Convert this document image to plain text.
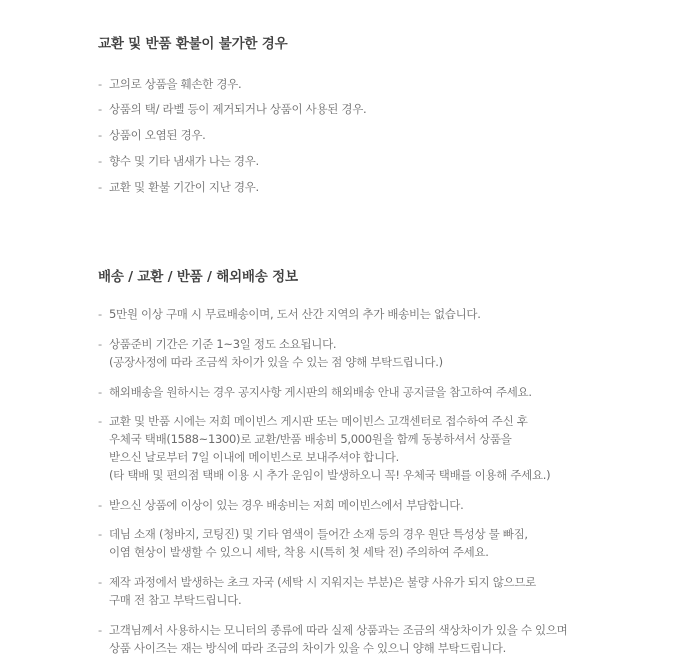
교환 및 반품 환불이 불가한 경우
- 고의로 상품을 훼손한 경우.
- 상품의 택/ 라벨 등이 제거되거나 상품이 사용된 경우.
- 상품이 오염된 경우.
- 향수 및 기타 냄새가 나는 경우.
- 교환 및 환불 기간이 지난 경우.
배송 / 교환 / 반품 / 해외배송 정보
- 5만원 이상 구매 시 무료배송이며, 도서 산간 지역의 추가 배송비는 없습니다.
- 상품준비 기간은 기준 1~3일 정도 소요됩니다.
(공장사정에 따라 조금씩 차이가 있을 수 있는 점 양해 부탁드립니다.)
- 해외배송을 원하시는 경우 공지사항 게시판의 해외배송 안내 공지글을 참고하여 주세요.
- 교환 및 반품 시에는 저희 메이빈스 게시판 또는 메이빈스 고객센터로 접수하여 주신 후
우체국 택배(1588~1300)로 교환/반품 배송비 5,000원을 함께 동봉하셔서 상품을
받으신 날로부터 7일 이내에 메이빈스로 보내주셔야 합니다.
(타 택배 및 편의점 택배 이용 시 추가 운임이 발생하오니 꼭! 우체국 택배를 이용해 주세요.)
- 받으신 상품에 이상이 있는 경우 배송비는 저희 메이빈스에서 부담합니다.
- 데님 소재 (청바지, 코팅진) 및 기타 염색이 들어간 소재 등의 경우 원단 특성상 물 빠짐,
이염 현상이 발생할 수 있으니 세탁, 착용 시(특히 첫 세탁 전) 주의하여 주세요.
- 제작 과정에서 발생하는 초크 자국 (세탁 시 지워지는 부분)은 불량 사유가 되지 않으므로
구매 전 참고 부탁드립니다.
- 고객님께서 사용하시는 모니터의 종류에 따라 실제 상품과는 조금의 색상차이가 있을 수 있으며
상품 사이즈는 재는 방식에 따라 조금의 차이가 있을 수 있으니 양해 부탁드립니다.
